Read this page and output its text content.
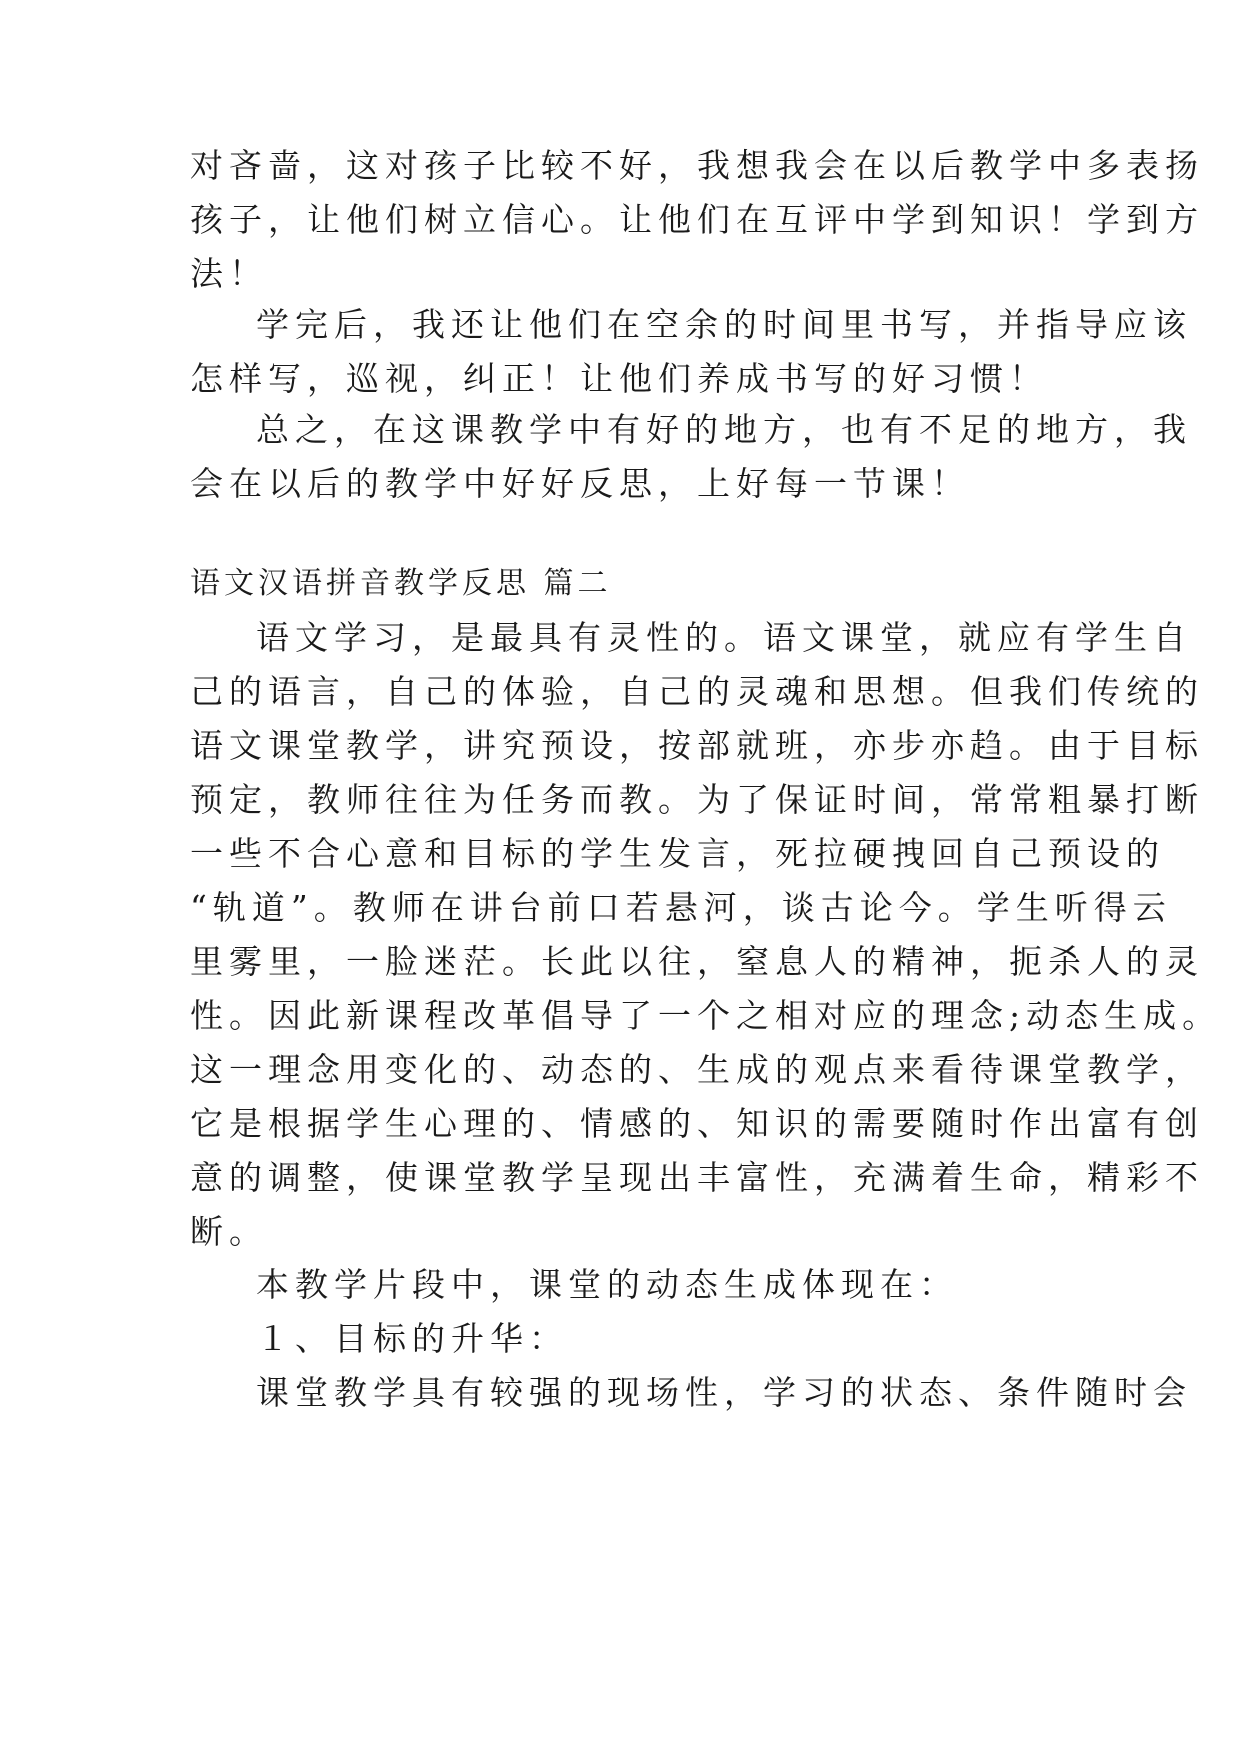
对吝啬，这对孩子比较不好，我想我会在以后教学中多表扬
孩子，让他们树立信心。让他们在互评中学到知识！学到方
法！
学完后，我还让他们在空余的时间里书写，并指导应该
怎样写，巡视，纠正！让他们养成书写的好习惯！
总之，在这课教学中有好的地方，也有不足的地方，我
会在以后的教学中好好反思，上好每一节课！
语文汉语拼音教学反思 篇二
语文学习，是最具有灵性的。语文课堂，就应有学生自
己的语言，自己的体验，自己的灵魂和思想。但我们传统的
语文课堂教学，讲究预设，按部就班，亦步亦趋。由于目标
预定，教师往往为任务而教。为了保证时间，常常粗暴打断
一些不合心意和目标的学生发言，死拉硬拽回自己预设的
“轨道”。教师在讲台前口若悬河，谈古论今。学生听得云
里雾里，一脸迷茫。长此以往，窒息人的精神，扼杀人的灵
性。因此新课程改革倡导了一个之相对应的理念;动态生成。
这一理念用变化的、动态的、生成的观点来看待课堂教学，
它是根据学生心理的、情感的、知识的需要随时作出富有创
意的调整，使课堂教学呈现出丰富性，充满着生命，精彩不
断。
本教学片段中，课堂的动态生成体现在：
１、目标的升华：
课堂教学具有较强的现场性，学习的状态、条件随时会
